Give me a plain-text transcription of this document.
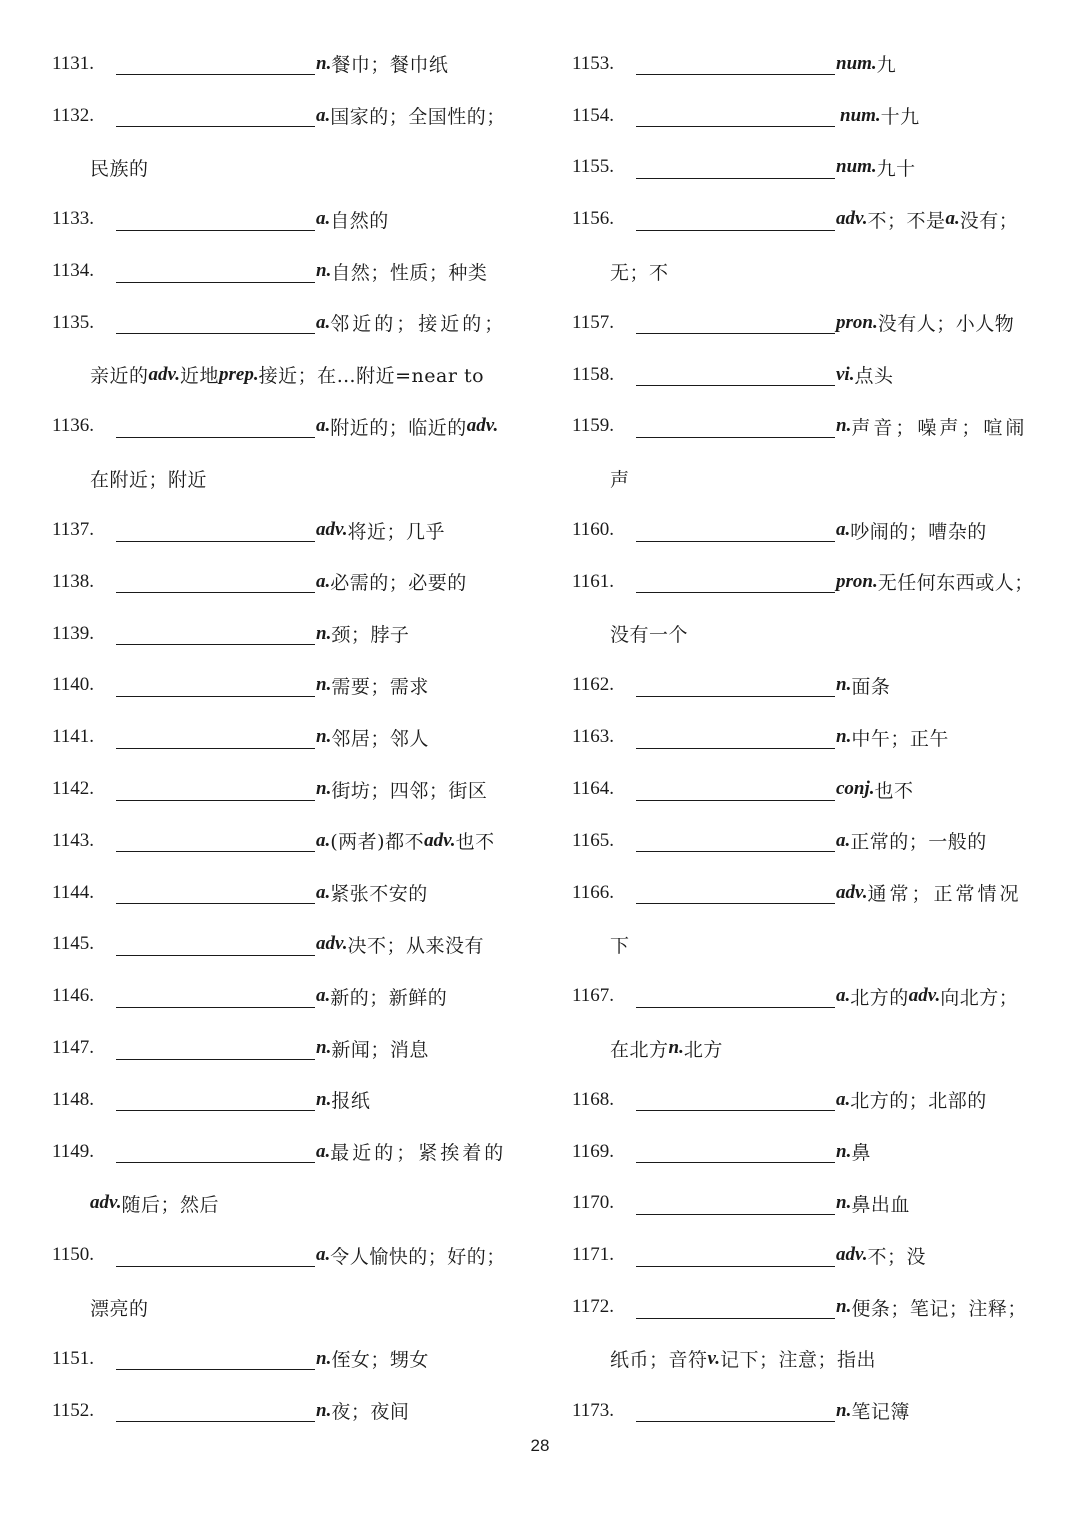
1131.	n. 餐巾；餐巾纸
1132.	a. 国家的；全国性的；
民族的
1133.	a. 自然的
1134.	n. 自然；性质；种类
1135.	a. 邻近的；接近的；
亲近的 adv. 近地 prep. 接近；在…附近=near to
1136.	a. 附近的；临近的 adv.
在附近；附近
1137.	adv. 将近；几乎
1138.	a. 必需的；必要的
1139.	n. 颈；脖子
1140.	n. 需要；需求
1141.	n. 邻居；邻人
1142.	n. 街坊；四邻；街区
1143.	a. (两者)都不 adv. 也不
1144.	a. 紧张不安的
1145.	adv. 决不；从来没有
1146.	a. 新的；新鲜的
1147.	n. 新闻；消息
1148.	n. 报纸
1149.	a. 最近的；紧挨着的
adv. 随后；然后
1150.	a. 令人愉快的；好的；
漂亮的
1151.	n. 侄女；甥女
1152.	n. 夜；夜间
1153.	num. 九
1154.	num. 十九
1155.	num. 九十
1156.	adv. 不；不是 a. 没有；
无；不
1157.	pron. 没有人；小人物
1158.	vi. 点头
1159.	n. 声音；噪声；喧闹
声
1160.	a. 吵闹的；嘈杂的
1161.	pron. 无任何东西或人；
没有一个
1162.	n. 面条
1163.	n. 中午；正午
1164.	conj. 也不
1165.	a. 正常的；一般的
1166.	adv. 通常；正常情况
下
1167.	a. 北方的 adv. 向北方；
在北方 n. 北方
1168.	a. 北方的；北部的
1169.	n. 鼻
1170.	n. 鼻出血
1171.	adv. 不；没
1172.	n. 便条；笔记；注释；
纸币；音符 v. 记下；注意；指出
1173.	n. 笔记簿
28
